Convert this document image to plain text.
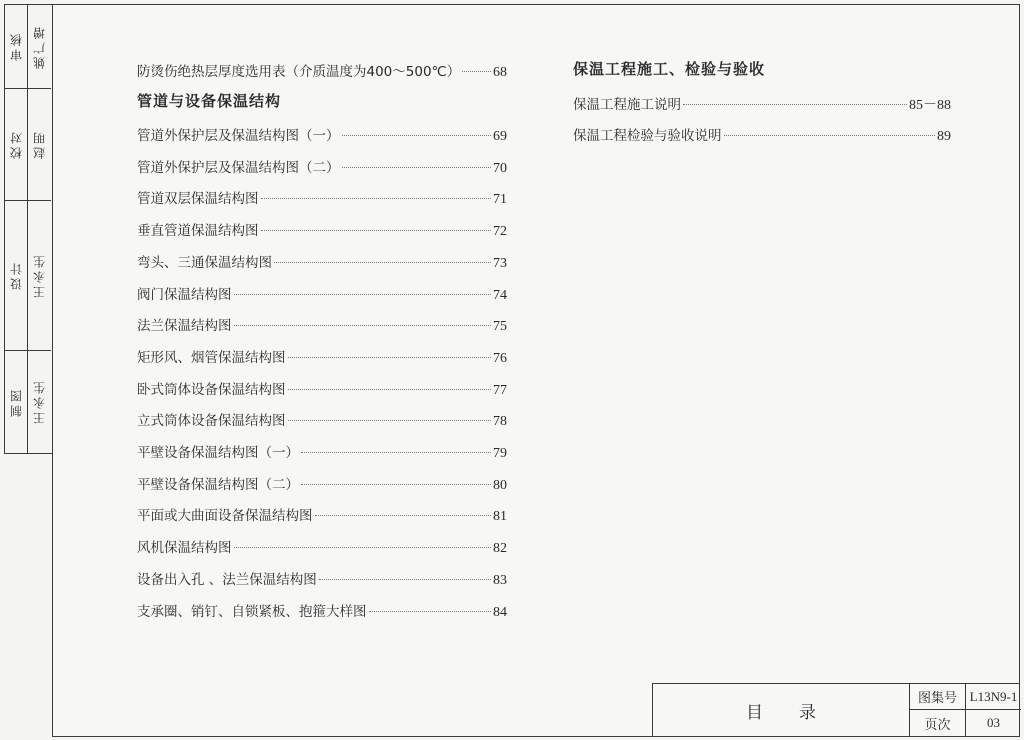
审核 姚广增
校对 赵明
设计 王永生
制图 王永生
防烫伤绝热层厚度选用表（介质温度为400～500℃） 68
管道与设备保温结构
管道外保护层及保温结构图（一）	69
管道外保护层及保温结构图（二）	70
管道双层保温结构图	71
垂直管道保温结构图	72
弯头、三通保温结构图	73
阀门保温结构图	74
法兰保温结构图	75
矩形风、烟管保温结构图	76
卧式筒体设备保温结构图	77
立式筒体设备保温结构图	78
平壁设备保温结构图（一）	79
平壁设备保温结构图（二）	80
平面或大曲面设备保温结构图	81
风机保温结构图	82
设备出入孔 、法兰保温结构图	83
支承圈、销钉、自锁紧板、抱箍大样图	84
保温工程施工、检验与验收
保温工程施工说明	85－88
保温工程检验与验收说明	89
目录
图集号 L13N9-1
页次	03
